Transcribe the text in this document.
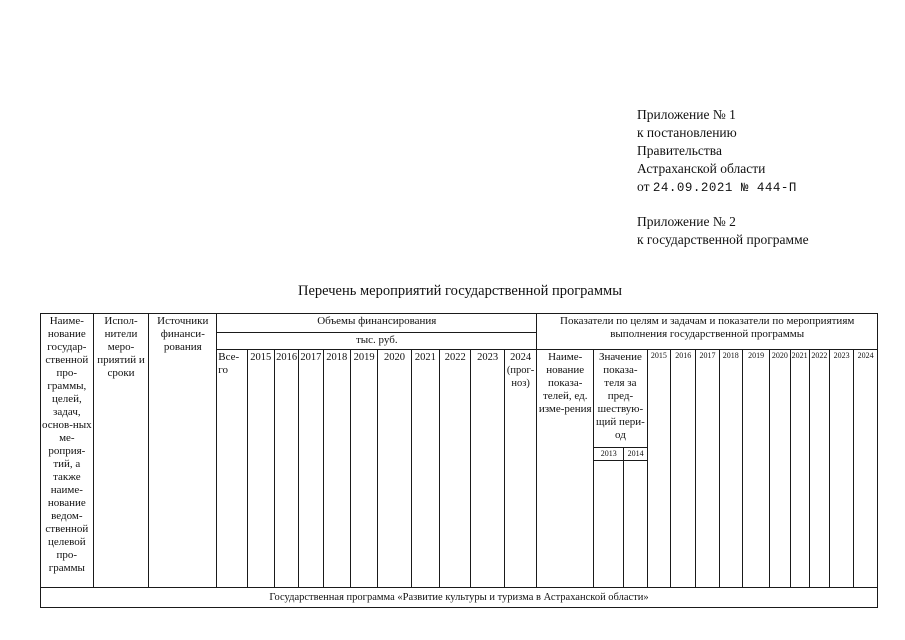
Приложение № 1
к постановлению
Правительства
Астраханской области
от 24.09.2021 № 444-П
Приложение № 2
к государственной программе
Перечень мероприятий государственной программы
Наиме-нование государ-ственной про-граммы, целей, задач, основ-ных ме-роприя-тий, а также наиме-нование ведом-ственной целевой про-граммы	Испол-нители меро-приятий и сроки	Источники финанси-рования	Объемы финансирования											Показатели по целям и задачам и показатели по мероприятиям выполнения государственной программы												
			тыс. руб.																							
			Все-го	2015	2016	2017	2018	2019	2020	2021	2022	2023	2024 (прог-ноз)	Наиме-нование показа-телей, ед. изме-рения	Значение показа-теля за пред-шествую-щий пери-од		2015	2016	2017	2018	2019	2020	2021	2022	2023	2024
															2013	2014										

Государственная программа «Развитие культуры и туризма в Астраханской области»																										
